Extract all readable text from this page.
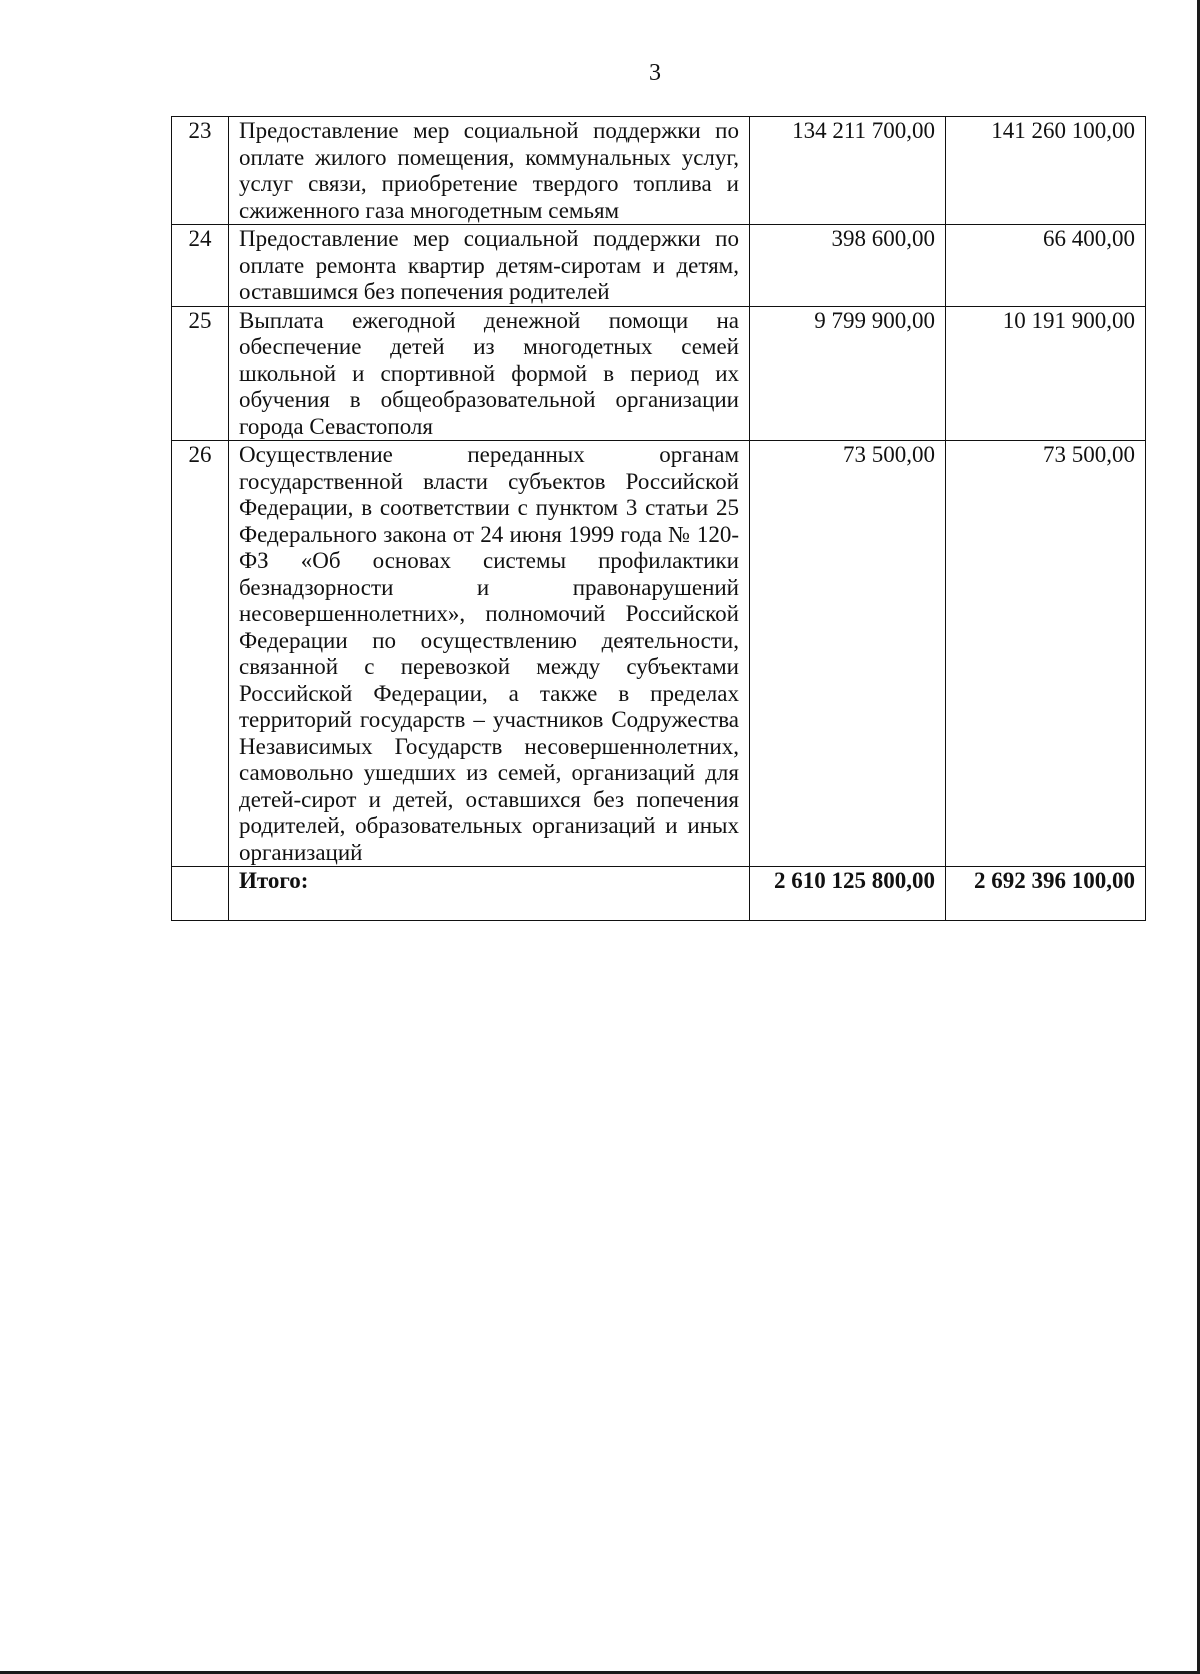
3
23	Предоставление мер социальной поддержки по оплате жилого помещения, коммунальных услуг, услуг связи, приобретение твердого топлива и сжиженного газа многодетным семьям	134 211 700,00	141 260 100,00
24	Предоставление мер социальной поддержки по оплате ремонта квартир детям-сиротам и детям, оставшимся без попечения родителей	398 600,00	66 400,00
25	Выплата ежегодной денежной помощи на обеспечение детей из многодетных семей школьной и спортивной формой в период их обучения в общеобразовательной организации города Севастополя	9 799 900,00	10 191 900,00
26	Осуществление переданных органам государственной власти субъектов Российской Федерации, в соответствии с пунктом 3 статьи 25 Федерального закона от 24 июня 1999 года № 120-ФЗ «Об основах системы профилактики безнадзорности и правонарушений несовершеннолетних», полномочий Российской Федерации по осуществлению деятельности, связанной с перевозкой между субъектами Российской Федерации, а также в пределах территорий государств – участников Содружества Независимых Государств несовершеннолетних, самовольно ушедших из семей, организаций для детей-сирот и детей, оставшихся без попечения родителей, образовательных организаций и иных организаций	73 500,00	73 500,00
	Итого:	2 610 125 800,00	2 692 396 100,00
